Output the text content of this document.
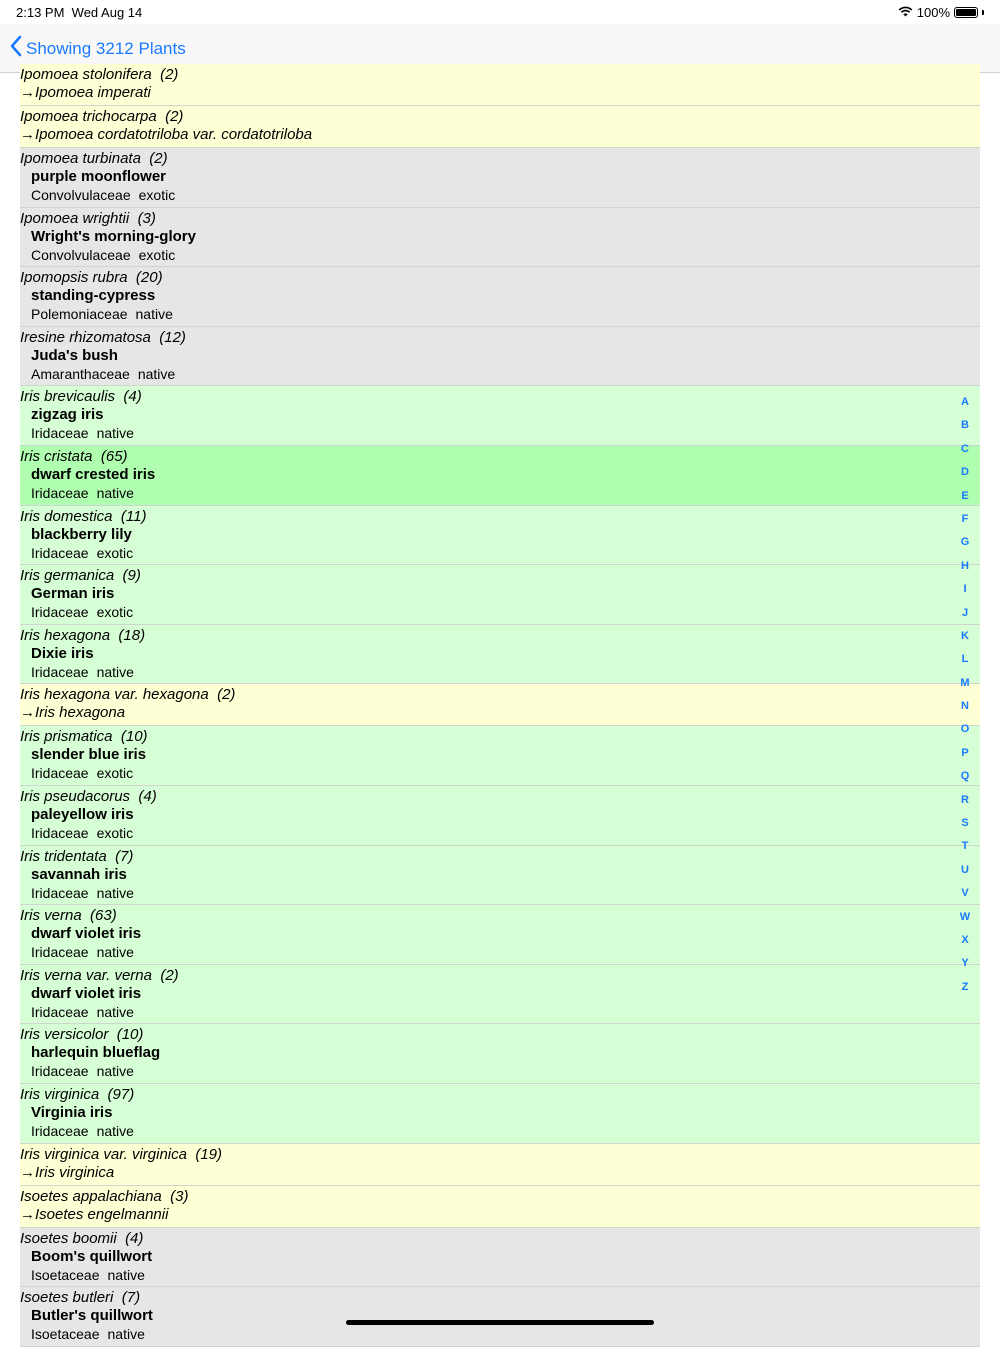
2:13 PM Wed Aug 14	100%
Showing 3212 Plants
Ipomoea stolonifera (2)
→Ipomoea imperati
Ipomoea trichocarpa (2)
→Ipomoea cordatotriloba var. cordatotriloba
Ipomoea turbinata (2)
purple moonflower
Convolvulaceae exotic
Ipomoea wrightii (3)
Wright's morning-glory
Convolvulaceae exotic
Ipomopsis rubra (20)
standing-cypress
Polemoniaceae native
Iresine rhizomatosa (12)
Juda's bush
Amaranthaceae native
Iris brevicaulis (4)
zigzag iris
Iridaceae native
Iris cristata (65)
dwarf crested iris
Iridaceae native
Iris domestica (11)
blackberry lily
Iridaceae exotic
Iris germanica (9)
German iris
Iridaceae exotic
Iris hexagona (18)
Dixie iris
Iridaceae native
Iris hexagona var. hexagona (2)
→Iris hexagona
Iris prismatica (10)
slender blue iris
Iridaceae exotic
Iris pseudacorus (4)
paleyellow iris
Iridaceae exotic
Iris tridentata (7)
savannah iris
Iridaceae native
Iris verna (63)
dwarf violet iris
Iridaceae native
Iris verna var. verna (2)
dwarf violet iris
Iridaceae native
Iris versicolor (10)
harlequin blueflag
Iridaceae native
Iris virginica (97)
Virginia iris
Iridaceae native
Iris virginica var. virginica (19)
→Iris virginica
Isoetes appalachiana (3)
→Isoetes engelmannii
Isoetes boomii (4)
Boom's quillwort
Isoetaceae native
Isoetes butleri (7)
Butler's quillwort
Isoetaceae native
A
B
C
D
E
F
G
H
I
J
K
L
M
N
O
P
Q
R
S
T
U
V
W
X
Y
Z
